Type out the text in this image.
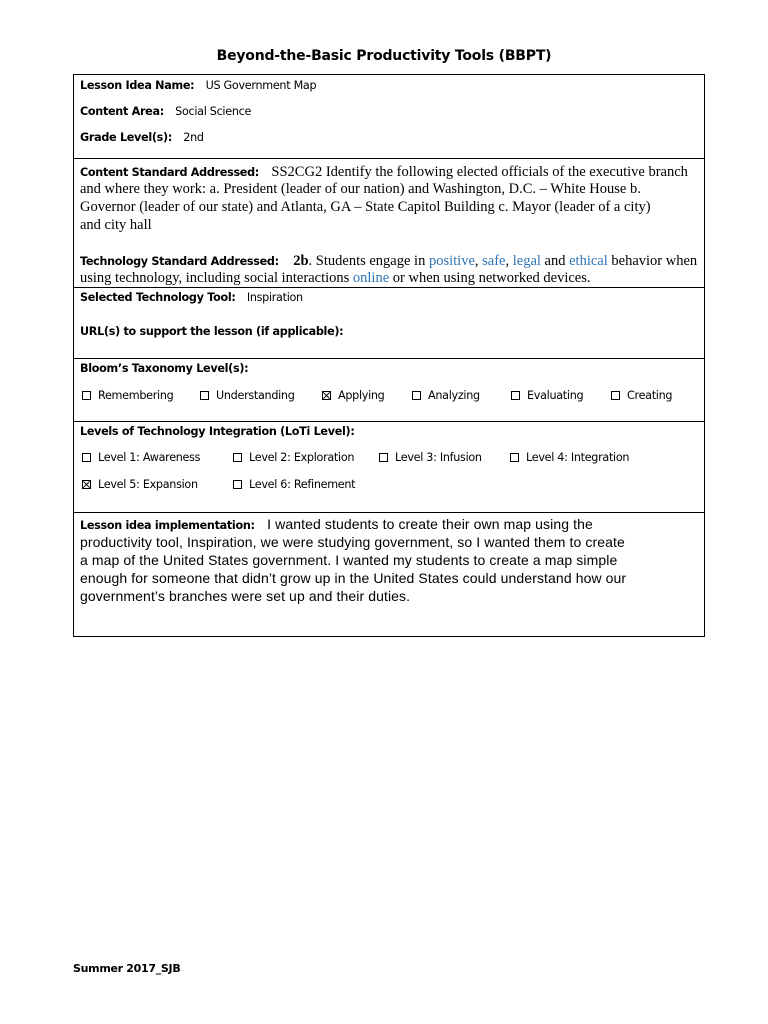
Beyond-the-Basic Productivity Tools (BBPT)
Lesson Idea Name: US Government Map
Content Area: Social Science
Grade Level(s): 2nd
Content Standard Addressed: SS2CG2 Identify the following elected officials of the executive branch
and where they work: a. President (leader of our nation) and Washington, D.C. – White House b.
Governor (leader of our state) and Atlanta, GA – State Capitol Building c. Mayor (leader of a city)
and city hall
Technology Standard Addressed: 2b. Students engage in positive, safe, legal and ethical behavior when
using technology, including social interactions online or when using networked devices.
Selected Technology Tool: Inspiration
URL(s) to support the lesson (if applicable):
Bloom’s Taxonomy Level(s):
Remembering	Understanding	Applying	Analyzing	Evaluating	Creating
Levels of Technology Integration (LoTi Level):
Level 1: Awareness	Level 2: Exploration	Level 3: Infusion	Level 4: Integration
Level 5: Expansion	Level 6: Refinement
Lesson idea implementation: I wanted students to create their own map using the
productivity tool, Inspiration, we were studying government, so I wanted them to create
a map of the United States government. I wanted my students to create a map simple
enough for someone that didn’t grow up in the United States could understand how our
government’s branches were set up and their duties.
Summer 2017_SJB
